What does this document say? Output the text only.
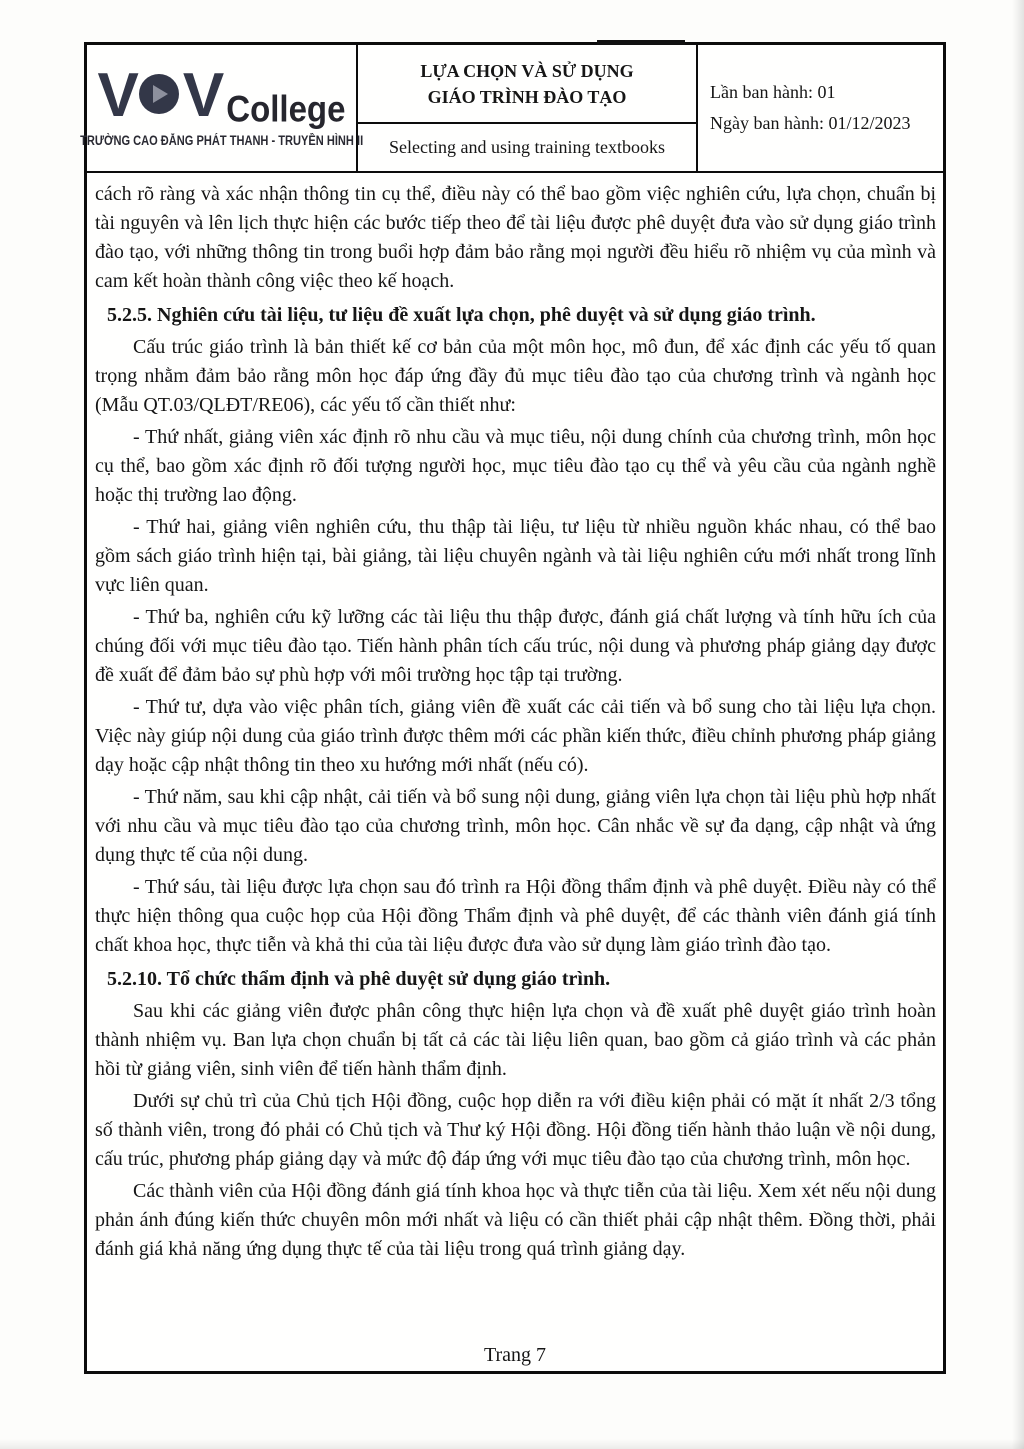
V V College
TRƯỜNG CAO ĐẲNG PHÁT THANH - TRUYỀN HÌNH II
LỰA CHỌN VÀ SỬ DỤNG
GIÁO TRÌNH ĐÀO TẠO
Selecting and using training textbooks
Lần ban hành: 01
Ngày ban hành: 01/12/2023

cách rõ ràng và xác nhận thông tin cụ thể, điều này có thể bao gồm việc nghiên cứu, lựa chọn, chuẩn bị tài nguyên và lên lịch thực hiện các bước tiếp theo để tài liệu được phê duyệt đưa vào sử dụng giáo trình đào tạo, với những thông tin trong buổi hợp đảm bảo rằng mọi người đều hiểu rõ nhiệm vụ của mình và cam kết hoàn thành công việc theo kế hoạch.

5.2.5. Nghiên cứu tài liệu, tư liệu đề xuất lựa chọn, phê duyệt và sử dụng giáo trình.

Cấu trúc giáo trình là bản thiết kế cơ bản của một môn học, mô đun, để xác định các yếu tố quan trọng nhằm đảm bảo rằng môn học đáp ứng đầy đủ mục tiêu đào tạo của chương trình và ngành học (Mẫu QT.03/QLĐT/RE06), các yếu tố cần thiết như:

- Thứ nhất, giảng viên xác định rõ nhu cầu và mục tiêu, nội dung chính của chương trình, môn học cụ thể, bao gồm xác định rõ đối tượng người học, mục tiêu đào tạo cụ thể và yêu cầu của ngành nghề hoặc thị trường lao động.

- Thứ hai, giảng viên nghiên cứu, thu thập tài liệu, tư liệu từ nhiều nguồn khác nhau, có thể bao gồm sách giáo trình hiện tại, bài giảng, tài liệu chuyên ngành và tài liệu nghiên cứu mới nhất trong lĩnh vực liên quan.

- Thứ ba, nghiên cứu kỹ lưỡng các tài liệu thu thập được, đánh giá chất lượng và tính hữu ích của chúng đối với mục tiêu đào tạo. Tiến hành phân tích cấu trúc, nội dung và phương pháp giảng dạy được đề xuất để đảm bảo sự phù hợp với môi trường học tập tại trường.

- Thứ tư, dựa vào việc phân tích, giảng viên đề xuất các cải tiến và bổ sung cho tài liệu lựa chọn. Việc này giúp nội dung của giáo trình được thêm mới các phần kiến thức, điều chỉnh phương pháp giảng dạy hoặc cập nhật thông tin theo xu hướng mới nhất (nếu có).

- Thứ năm, sau khi cập nhật, cải tiến và bổ sung nội dung, giảng viên lựa chọn tài liệu phù hợp nhất với nhu cầu và mục tiêu đào tạo của chương trình, môn học. Cân nhắc về sự đa dạng, cập nhật và ứng dụng thực tế của nội dung.

- Thứ sáu, tài liệu được lựa chọn sau đó trình ra Hội đồng thẩm định và phê duyệt. Điều này có thể thực hiện thông qua cuộc họp của Hội đồng Thẩm định và phê duyệt, để các thành viên đánh giá tính chất khoa học, thực tiễn và khả thi của tài liệu được đưa vào sử dụng làm giáo trình đào tạo.

5.2.10. Tổ chức thẩm định và phê duyệt sử dụng giáo trình.

Sau khi các giảng viên được phân công thực hiện lựa chọn và đề xuất phê duyệt giáo trình hoàn thành nhiệm vụ. Ban lựa chọn chuẩn bị tất cả các tài liệu liên quan, bao gồm cả giáo trình và các phản hồi từ giảng viên, sinh viên để tiến hành thẩm định.

Dưới sự chủ trì của Chủ tịch Hội đồng, cuộc họp diễn ra với điều kiện phải có mặt ít nhất 2/3 tổng số thành viên, trong đó phải có Chủ tịch và Thư ký Hội đồng. Hội đồng tiến hành thảo luận về nội dung, cấu trúc, phương pháp giảng dạy và mức độ đáp ứng với mục tiêu đào tạo của chương trình, môn học.

Các thành viên của Hội đồng đánh giá tính khoa học và thực tiễn của tài liệu. Xem xét nếu nội dung phản ánh đúng kiến thức chuyên môn mới nhất và liệu có cần thiết phải cập nhật thêm. Đồng thời, phải đánh giá khả năng ứng dụng thực tế của tài liệu trong quá trình giảng dạy.

Trang 7
